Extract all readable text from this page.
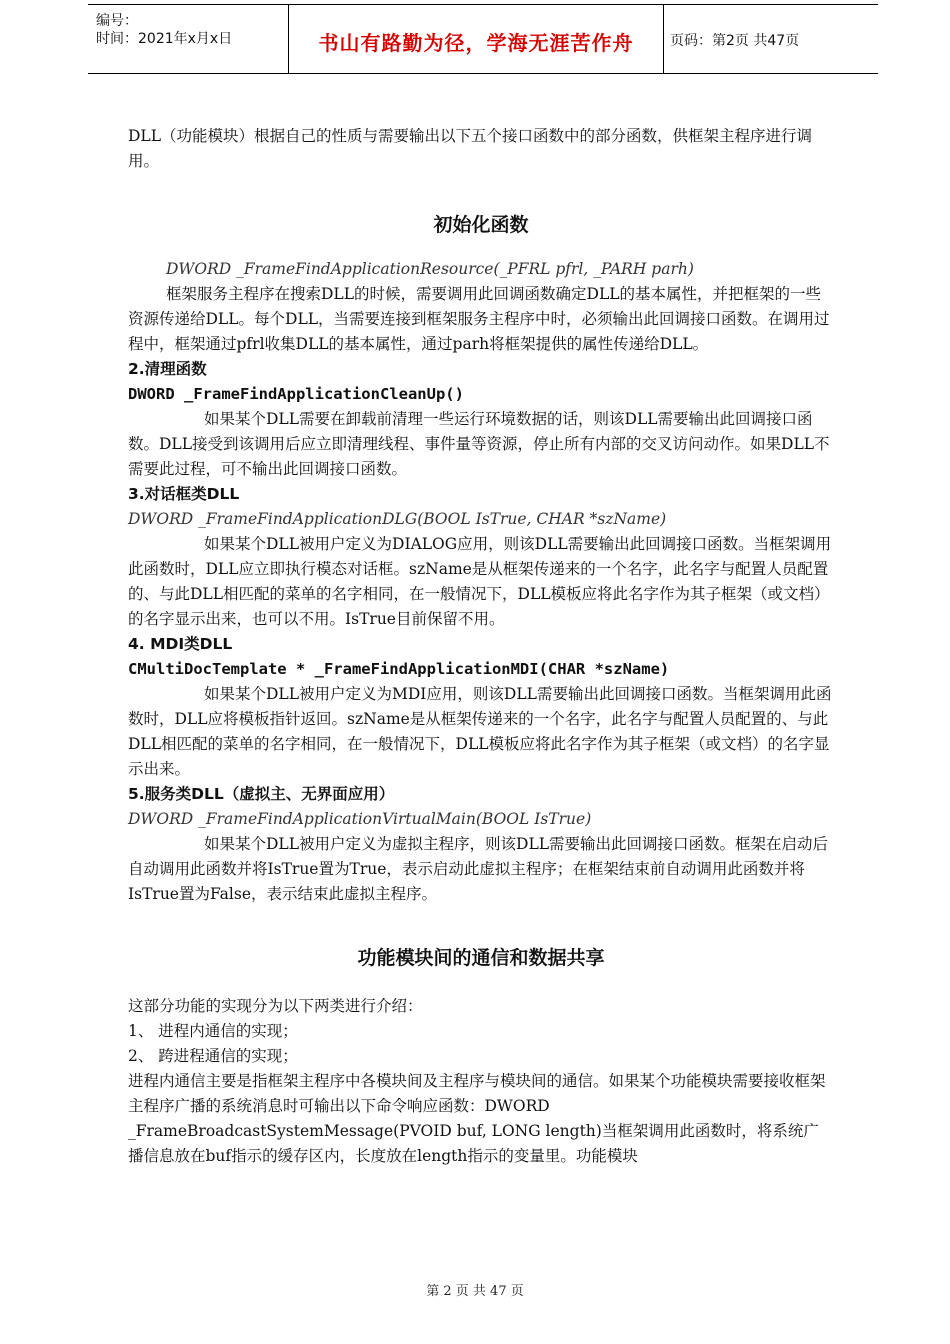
编号：
时间：2021年x月x日	书山有路勤为径，学海无涯苦作舟	页码：第2页 共47页

DLL（功能模块）根据自己的性质与需要输出以下五个接口函数中的部分函数，供框架主程序进行调用。

初始化函数

DWORD _FrameFindApplicationResource(_PFRL pfrl, _PARH parh)

框架服务主程序在搜索DLL的时候，需要调用此回调函数确定DLL的基本属性，并把框架的一些资源传递给DLL。每个DLL，当需要连接到框架服务主程序中时，必须输出此回调接口函数。在调用过程中，框架通过pfrl收集DLL的基本属性，通过parh将框架提供的属性传递给DLL。

2.清理函数

DWORD _FrameFindApplicationCleanUp()

如果某个DLL需要在卸载前清理一些运行环境数据的话，则该DLL需要输出此回调接口函数。DLL接受到该调用后应立即清理线程、事件量等资源，停止所有内部的交叉访问动作。如果DLL不需要此过程，可不输出此回调接口函数。

3.对话框类DLL

DWORD _FrameFindApplicationDLG(BOOL IsTrue, CHAR *szName)

如果某个DLL被用户定义为DIALOG应用，则该DLL需要输出此回调接口函数。当框架调用此函数时，DLL应立即执行模态对话框。szName是从框架传递来的一个名字，此名字与配置人员配置的、与此DLL相匹配的菜单的名字相同，在一般情况下，DLL模板应将此名字作为其子框架（或文档）的名字显示出来，也可以不用。IsTrue目前保留不用。

4. MDI类DLL

CMultiDocTemplate * _FrameFindApplicationMDI(CHAR *szName)

如果某个DLL被用户定义为MDI应用，则该DLL需要输出此回调接口函数。当框架调用此函数时，DLL应将模板指针返回。szName是从框架传递来的一个名字，此名字与配置人员配置的、与此DLL相匹配的菜单的名字相同，在一般情况下，DLL模板应将此名字作为其子框架（或文档）的名字显示出来。

5.服务类DLL（虚拟主、无界面应用）

DWORD _FrameFindApplicationVirtualMain(BOOL IsTrue)

如果某个DLL被用户定义为虚拟主程序，则该DLL需要输出此回调接口函数。框架在启动后自动调用此函数并将IsTrue置为True，表示启动此虚拟主程序；在框架结束前自动调用此函数并将IsTrue置为False，表示结束此虚拟主程序。

功能模块间的通信和数据共享

这部分功能的实现分为以下两类进行介绍：

1、 进程内通信的实现；

2、 跨进程通信的实现；

进程内通信主要是指框架主程序中各模块间及主程序与模块间的通信。如果某个功能模块需要接收框架主程序广播的系统消息时可输出以下命令响应函数：DWORD _FrameBroadcastSystemMessage(PVOID buf, LONG length)当框架调用此函数时，将系统广播信息放在buf指示的缓存区内，长度放在length指示的变量里。功能模块

第 2 页 共 47 页
